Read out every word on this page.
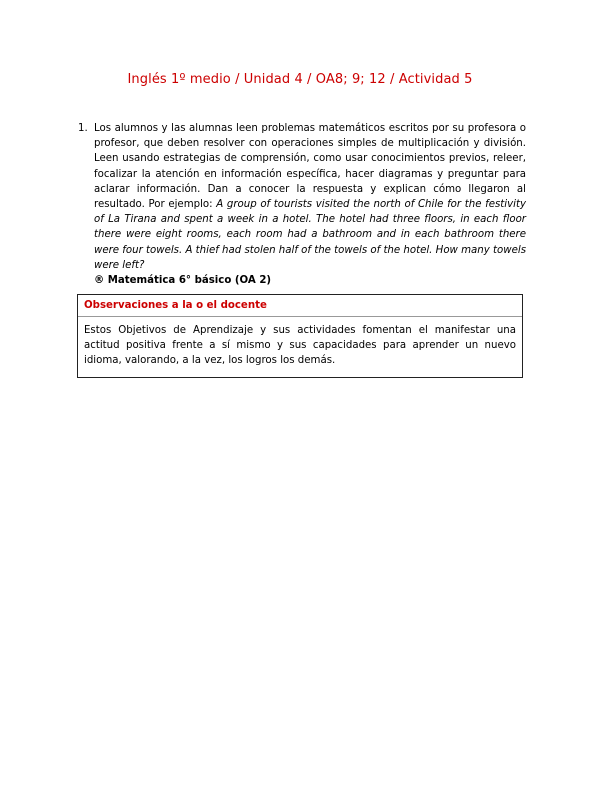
Inglés 1º medio / Unidad 4 / OA8; 9; 12 / Actividad 5
1. Los alumnos y las alumnas leen problemas matemáticos escritos por su profesora o profesor, que deben resolver con operaciones simples de multiplicación y división. Leen usando estrategias de comprensión, como usar conocimientos previos, releer, focalizar la atención en información específica, hacer diagramas y preguntar para aclarar información. Dan a conocer la respuesta y explican cómo llegaron al resultado. Por ejemplo: A group of tourists visited the north of Chile for the festivity of La Tirana and spent a week in a hotel. The hotel had three floors, in each floor there were eight rooms, each room had a bathroom and in each bathroom there were four towels. A thief had stolen half of the towels of the hotel. How many towels were left?
® Matemática 6° básico (OA 2)
Observaciones a la o el docente
Estos Objetivos de Aprendizaje y sus actividades fomentan el manifestar una actitud positiva frente a sí mismo y sus capacidades para aprender un nuevo idioma, valorando, a la vez, los logros los demás.
